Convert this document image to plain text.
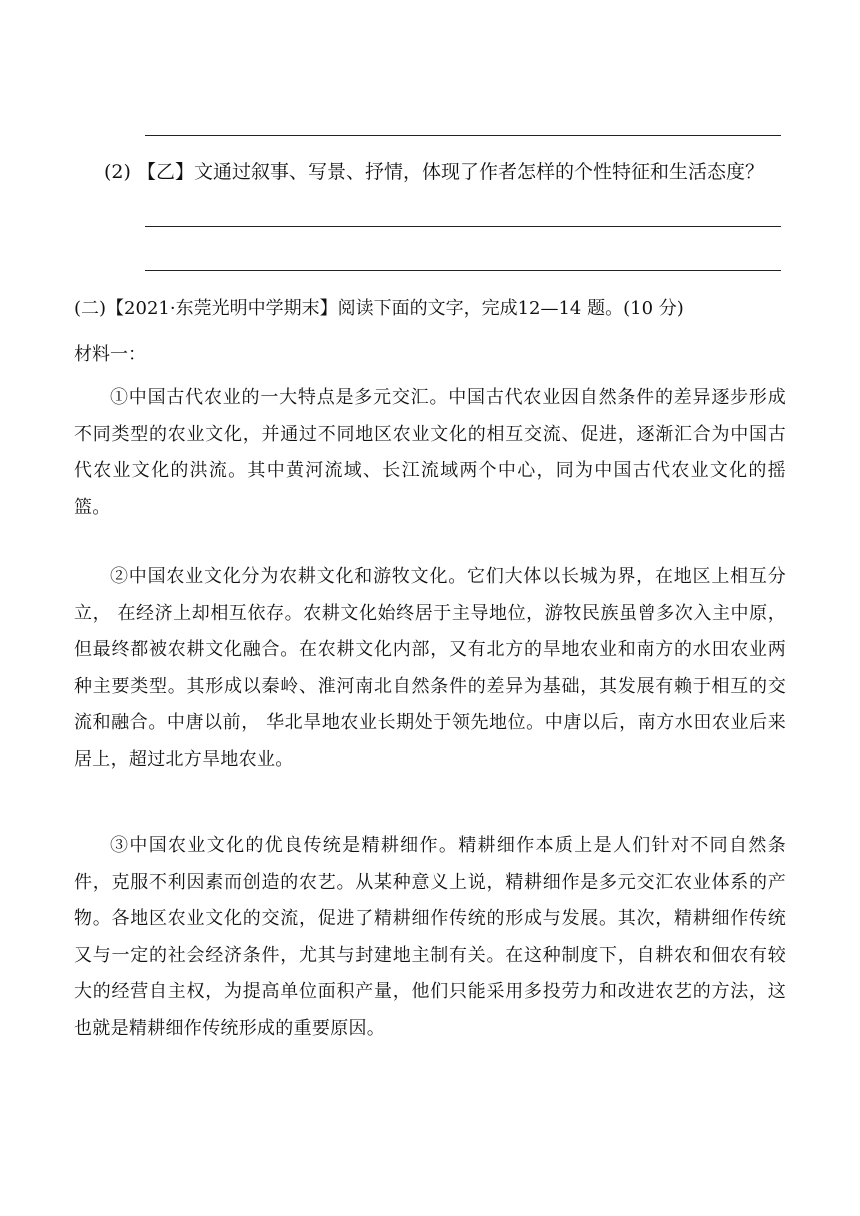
(2) 【乙】文通过叙事、写景、抒情，体现了作者怎样的个性特征和生活态度？
(二)【2021·东莞光明中学期末】阅读下面的文字，完成12—14 题。(10 分)
材料一：

①中国古代农业的一大特点是多元交汇。中国古代农业因自然条件的差异逐步形成不同类型的农业文化，并通过不同地区农业文化的相互交流、促进，逐渐汇合为中国古代农业文化的洪流。其中黄河流域、长江流域两个中心，同为中国古代农业文化的摇篮。

②中国农业文化分为农耕文化和游牧文化。它们大体以长城为界，在地区上相互分立， 在经济上却相互依存。农耕文化始终居于主导地位，游牧民族虽曾多次入主中原，但最终都被农耕文化融合。在农耕文化内部，又有北方的旱地农业和南方的水田农业两种主要类型。其形成以秦岭、淮河南北自然条件的差异为基础，其发展有赖于相互的交流和融合。中唐以前， 华北旱地农业长期处于领先地位。中唐以后，南方水田农业后来居上，超过北方旱地农业。

③中国农业文化的优良传统是精耕细作。精耕细作本质上是人们针对不同自然条件，克服不利因素而创造的农艺。从某种意义上说，精耕细作是多元交汇农业体系的产物。各地区农业文化的交流，促进了精耕细作传统的形成与发展。其次，精耕细作传统又与一定的社会经济条件，尤其与封建地主制有关。在这种制度下，自耕农和佃农有较大的经营自主权，为提高单位面积产量，他们只能采用多投劳力和改进农艺的方法，这也就是精耕细作传统形成的重要原因。
